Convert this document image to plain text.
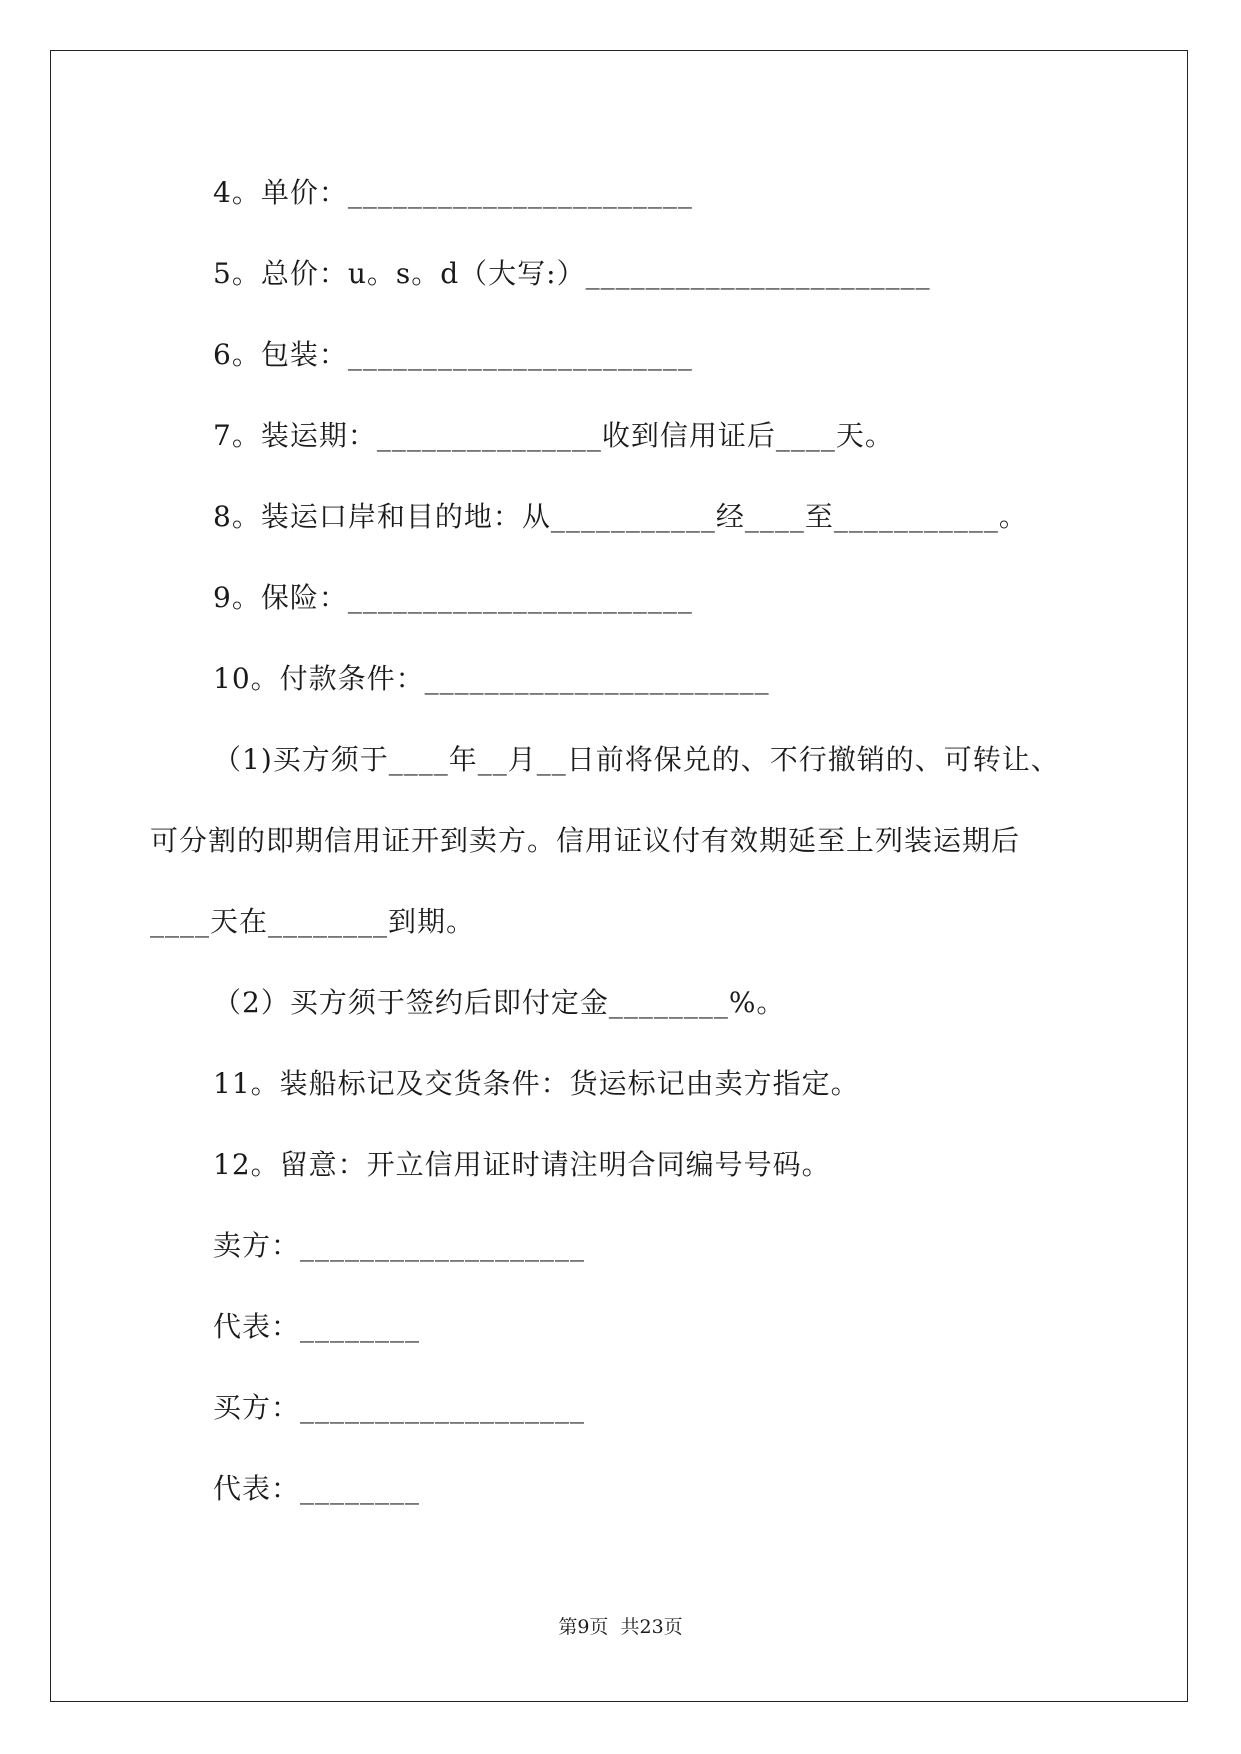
4。单价：_______________________
5。总价：u。s。d（大写:）_______________________
6。包装：_______________________
7。装运期：_______________收到信用证后____天。
8。装运口岸和目的地：从___________经____至___________。
9。保险：_______________________
10。付款条件：_______________________
（1)买方须于____年__月__日前将保兑的、不行撤销的、可转让、
可分割的即期信用证开到卖方。信用证议付有效期延至上列装运期后
____天在________到期。
（2）买方须于签约后即付定金________%。
11。装船标记及交货条件：货运标记由卖方指定。
12。留意：开立信用证时请注明合同编号号码。
卖方：___________________
代表：________
买方：___________________
代表：________
第9页  共23页
